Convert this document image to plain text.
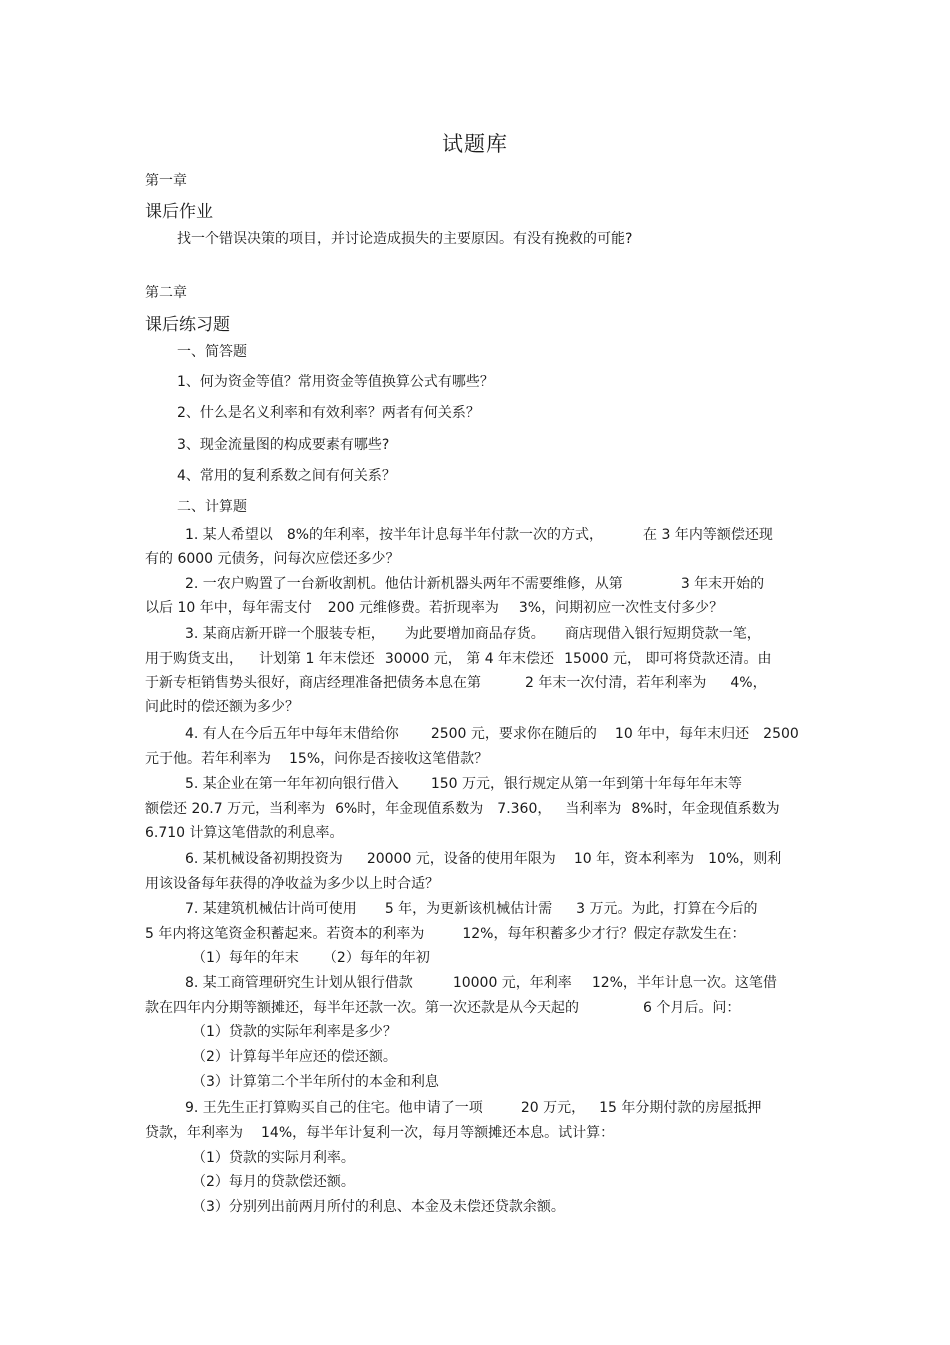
试题库
第一章
课后作业
找一个错误决策的项目，并讨论造成损失的主要原因。有没有挽救的可能?
第二章
课后练习题
一、简答题
1、何为资金等值？常用资金等值换算公式有哪些？
2、什么是名义利率和有效利率？两者有何关系？
3、现金流量图的构成要素有哪些?
4、常用的复利系数之间有何关系？
二、计算题
1. 某人希望以 8%的年利率，按半年计息每半年付款一次的方式，	在 3 年内等额偿还现
有的 6000 元债务，问每次应偿还多少？
2. 一农户购置了一台新收割机。他估计新机器头两年不需要维修，从第	3 年末开始的
以后 10 年中，每年需支付 200 元维修费。若折现率为 3%，问期初应一次性支付多少？
3. 某商店新开辟一个服装专柜， 为此要增加商品存货。 商店现借入银行短期贷款一笔，
用于购货支出， 计划第 1 年末偿还 30000 元， 第 4 年末偿还 15000 元， 即可将贷款还清。由
于新专柜销售势头很好，商店经理准备把债务本息在第	2 年末一次付清，若年利率为 4%，
问此时的偿还额为多少？
4. 有人在今后五年中每年末借给你 2500 元，要求你在随后的 10 年中，每年末归还 2500
元于他。若年利率为 15%，问你是否接收这笔借款？
5. 某企业在第一年年初向银行借入 150 万元，银行规定从第一年到第十年每年年末等
额偿还 20.7 万元，当利率为 6%时，年金现值系数为 7.360， 当利率为 8%时，年金现值系数为
6.710 计算这笔借款的利息率。
6. 某机械设备初期投资为 20000 元，设备的使用年限为 10 年，资本利率为 10%，则利
用该设备每年获得的净收益为多少以上时合适？
7. 某建筑机械估计尚可使用 5 年，为更新该机械估计需 3 万元。为此，打算在今后的
5 年内将这笔资金积蓄起来。若资本的利率为	12%，每年积蓄多少才行？假定存款发生在：
（1）每年的年末 （2）每年的年初
8. 某工商管理研究生计划从银行借款	10000 元，年利率 12%，半年计息一次。这笔借
款在四年内分期等额摊还，每半年还款一次。第一次还款是从今天起的	6 个月后。问：
（1）贷款的实际年利率是多少？
（2）计算每半年应还的偿还额。
（3）计算第二个半年所付的本金和利息
9. 王先生正打算购买自己的住宅。他申请了一项	20 万元， 15 年分期付款的房屋抵押
贷款，年利率为 14%，每半年计复利一次，每月等额摊还本息。试计算：
（1）贷款的实际月利率。
（2）每月的贷款偿还额。
（3）分别列出前两月所付的利息、本金及未偿还贷款余额。
